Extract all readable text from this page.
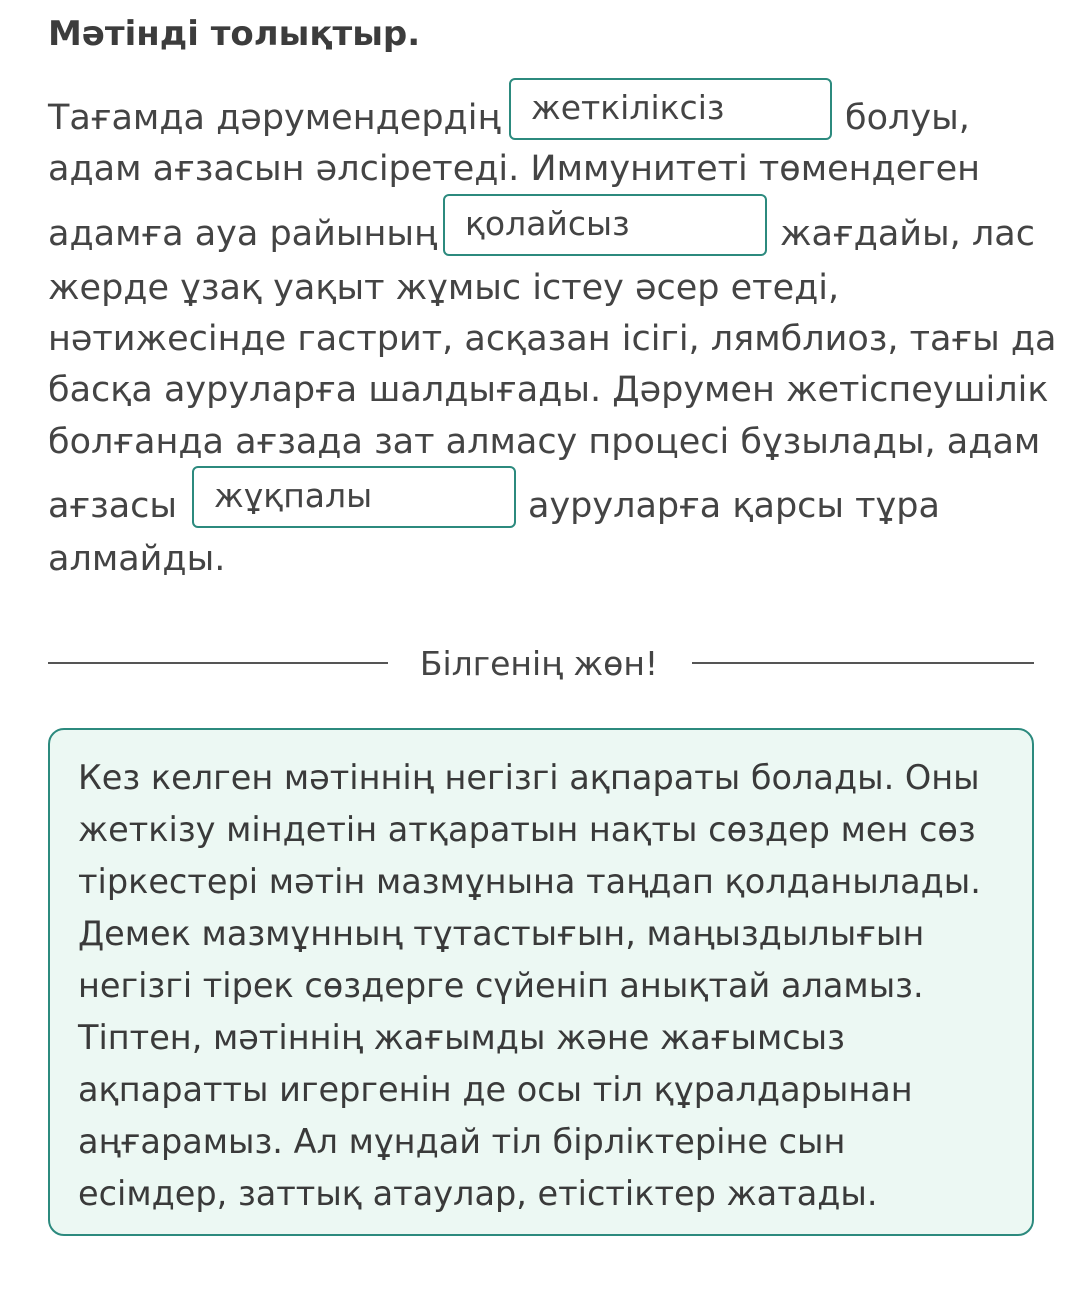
Мәтінді толықтыр.
Тағамда дәрумендердің жеткіліксіз	болуы,
адам ағзасын әлсіретеді. Иммунитеті төмендеген
адамға ауа райының қолайсыз	жағдайы, лас
жерде ұзақ уақыт жұмыс істеу әсер етеді,
нәтижесінде гастрит, асқазан ісігі, лямблиоз, тағы да
басқа ауруларға шалдығады. Дәрумен жетіспеушілік
болғанда ағзада зат алмасу процесі бұзылады, адам
ағзасы	жұқпалы	ауруларға қарсы тұра
алмайды.
Білгенің жөн!
Кез келген мәтіннің негізгі ақпараты болады. Оны
жеткізу міндетін атқаратын нақты сөздер мен сөз
тіркестері мәтін мазмұнына таңдап қолданылады.
Демек мазмұнның тұтастығын, маңыздылығын
негізгі тірек сөздерге сүйеніп анықтай аламыз.
Тіптен, мәтіннің жағымды және жағымсыз
ақпаратты игергенін де осы тіл құралдарынан
аңғарамыз. Ал мұндай тіл бірліктеріне сын
есімдер, заттық атаулар, етістіктер жатады.
